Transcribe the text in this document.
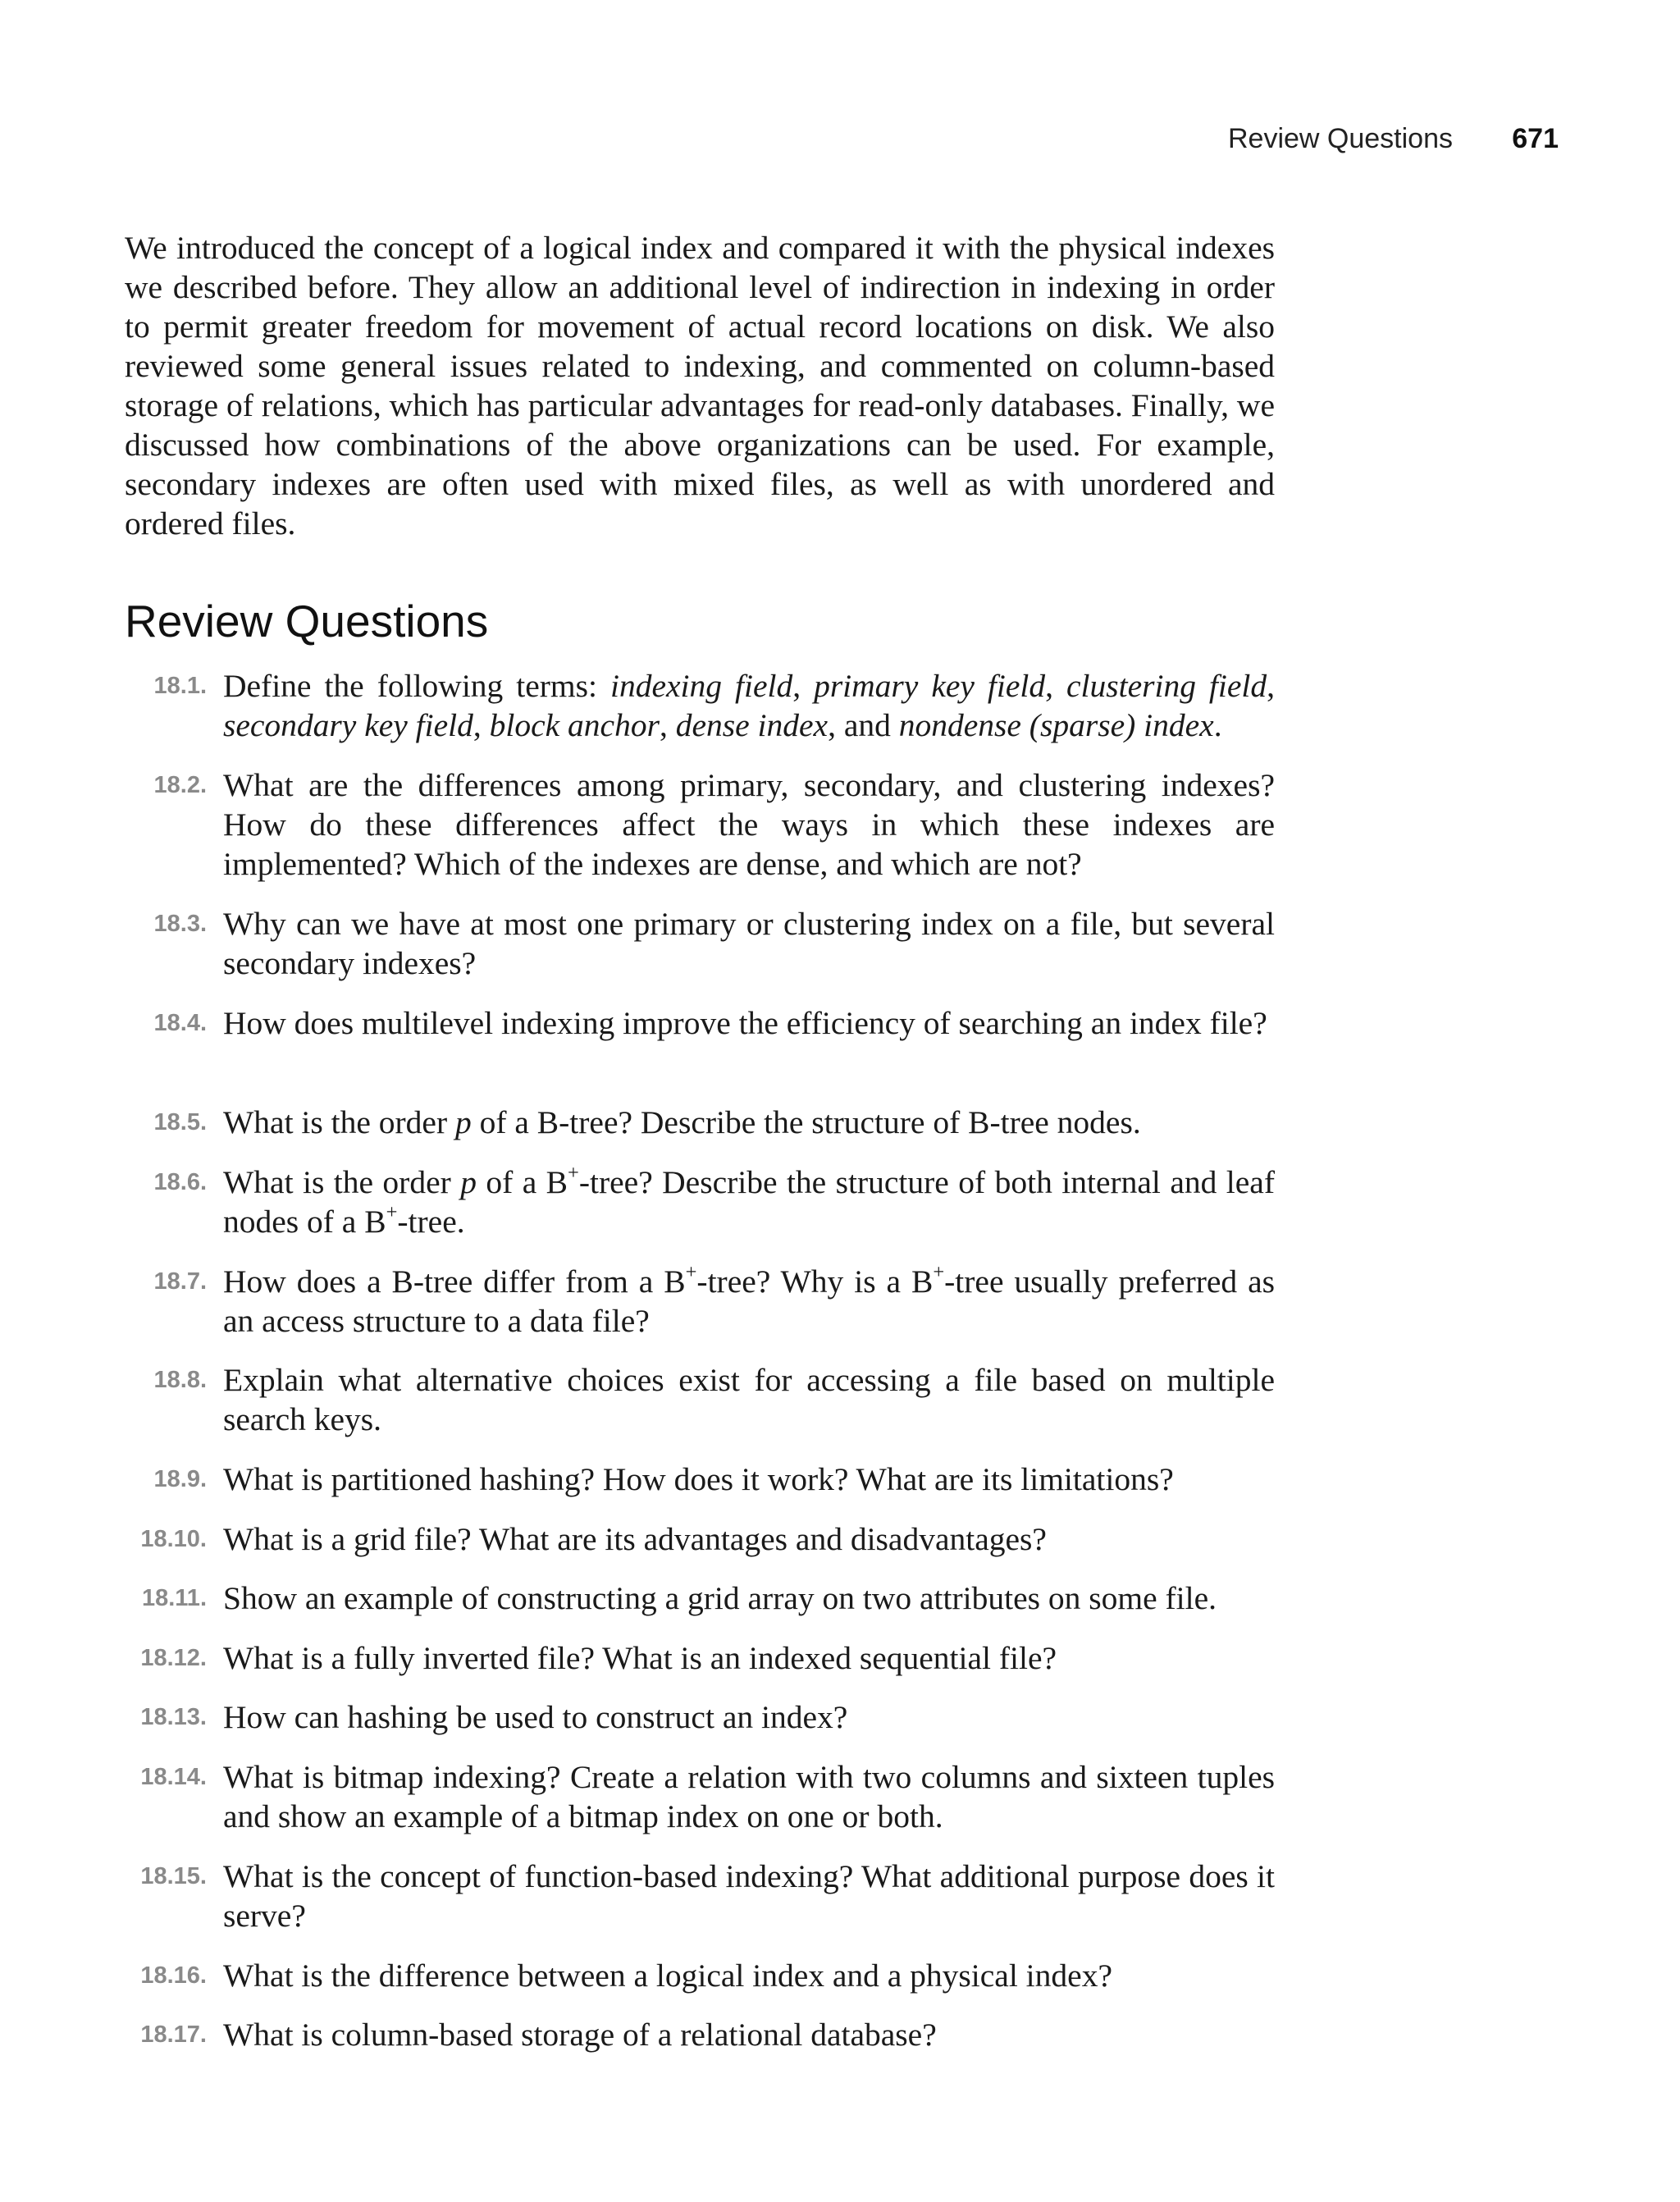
Review Questions 671

We introduced the concept of a logical index and compared it with the physical indexes we described before. They allow an additional level of indirection in indexing in order to permit greater freedom for movement of actual record locations on disk. We also reviewed some general issues related to indexing, and commented on column-based storage of relations, which has particular advantages for read-only databases. Finally, we discussed how combinations of the above organizations can be used. For example, secondary indexes are often used with mixed files, as well as with unordered and ordered files.

Review Questions
18.1. Define the following terms: indexing field, primary key field, clustering field, secondary key field, block anchor, dense index, and nondense (sparse) index.

18.2. What are the differences among primary, secondary, and clustering indexes? How do these differences affect the ways in which these indexes are implemented? Which of the indexes are dense, and which are not?

18.3. Why can we have at most one primary or clustering index on a file, but several secondary indexes?

18.4. How does multilevel indexing improve the efficiency of searching an index file?

18.5. What is the order p of a B-tree? Describe the structure of B-tree nodes.

18.6. What is the order p of a B+-tree? Describe the structure of both internal and leaf nodes of a B+-tree.

18.7. How does a B-tree differ from a B+-tree? Why is a B+-tree usually preferred as an access structure to a data file?

18.8. Explain what alternative choices exist for accessing a file based on multiple search keys.

18.9. What is partitioned hashing? How does it work? What are its limitations?

18.10. What is a grid file? What are its advantages and disadvantages?

18.11. Show an example of constructing a grid array on two attributes on some file.

18.12. What is a fully inverted file? What is an indexed sequential file?

18.13. How can hashing be used to construct an index?

18.14. What is bitmap indexing? Create a relation with two columns and sixteen tuples and show an example of a bitmap index on one or both.

18.15. What is the concept of function-based indexing? What additional purpose does it serve?

18.16. What is the difference between a logical index and a physical index?

18.17. What is column-based storage of a relational database?
